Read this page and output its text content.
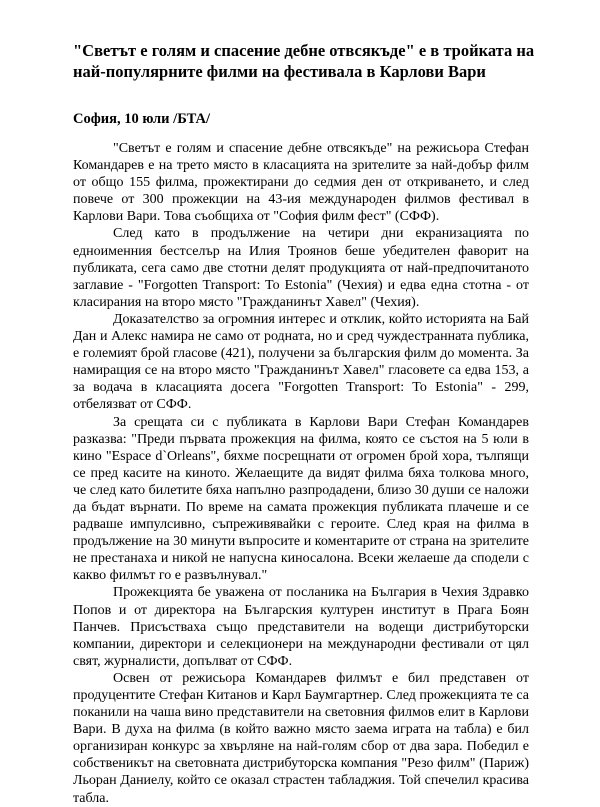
"Светът е голям и спасение дебне отвсякъде" е в тройката на най-популярните филми на фестивала в Карлови Вари

София, 10 юли /БТА/

"Светът е голям и спасение дебне отвсякъде" на режисьора Стефан Командарев е на трето място в класацията на зрителите за най-добър филм от общо 155 филма, прожектирани до седмия ден от откриването, и след повече от 300 прожекции на 43-ия международен филмов фестивал в Карлови Вари. Това съобщиха от "София филм фест" (СФФ).

След като в продължение на четири дни екранизацията по едноименния бестселър на Илия Троянов беше убедителен фаворит на публиката, сега само две стотни делят продукцията от най-предпочитаното заглавие - "Forgotten Transport: To Estonia" (Чехия) и едва една стотна - от класирания на второ място "Гражданинът Хавел" (Чехия).

Доказателство за огромния интерес и отклик, който историята на Бай Дан и Алекс намира не само от родната, но и сред чуждестранната публика, е големият брой гласове (421), получени за българския филм до момента. За намиращия се на второ място "Гражданинът Хавел" гласовете са едва 153, а за водача в класацията досега "Forgotten Transport: To Estonia" - 299, отбелязват от СФФ.

За срещата си с публиката в Карлови Вари Стефан Командарев разказва: "Преди първата прожекция на филма, която се състоя на 5 юли в кино "Espace d`Orleans", бяхме посрещнати от огромен брой хора, тълпящи се пред касите на киното. Желаещите да видят филма бяха толкова много, че след като билетите бяха напълно разпродадени, близо 30 души се наложи да бъдат върнати. По време на самата прожекция публиката плачеше и се радваше импулсивно, съпреживявайки с героите. След края на филма в продължение на 30 минути въпросите и коментарите от страна на зрителите не престанаха и никой не напусна киносалона. Всеки желаеше да сподели с какво филмът го е развълнувал."

Прожекцията бе уважена от посланика на България в Чехия Здравко Попов и от директора на Българския културен институт в Прага Боян Панчев. Присъстваха също представители на водещи дистрибуторски компании, директори и селекционери на международни фестивали от цял свят, журналисти, допълват от СФФ.

Освен от режисьора Командарев филмът е бил представен от продуцентите Стефан Китанов и Карл Баумгартнер. След прожекцията те са поканили на чаша вино представители на световния филмов елит в Карлови Вари. В духа на филма (в който важно място заема играта на табла) е бил организиран конкурс за хвърляне на най-голям сбор от два зара. Победил е собственикът на световната дистрибуторска компания "Резо филм" (Париж) Льоран Даниелу, който се оказал страстен табладжия. Той спечелил красива табла.
